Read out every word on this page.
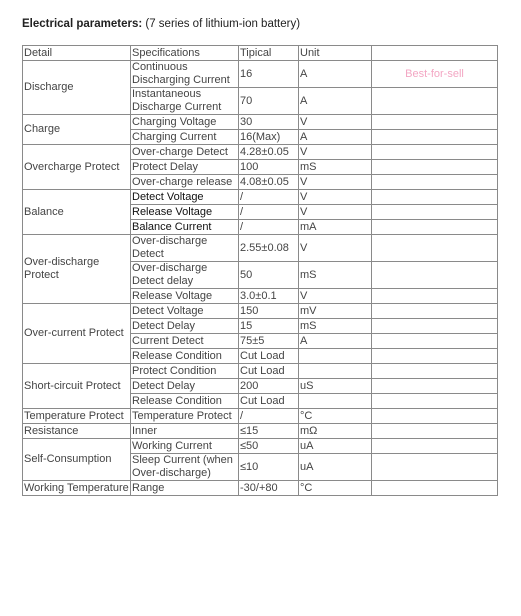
Electrical parameters: (7 series of lithium-ion battery)
Detail	Specifications	Tipical	Unit	
Discharge	Continuous Discharging Current	16	A	Best-for-sell
	Instantaneous Discharge Current	70	A	
Charge	Charging Voltage	30	V	
	Charging Current	16(Max)	A	
Overcharge Protect	Over-charge Detect	4.28±0.05	V	
	Protect Delay	100	mS	
	Over-charge release	4.08±0.05	V	
Balance	Detect Voltage	/	V	
	Release Voltage	/	V	
	Balance Current	/	mA	
Over-discharge Protect	Over-discharge Detect	2.55±0.08	V	
	Over-discharge Detect delay	50	mS	
	Release Voltage	3.0±0.1	V	
Over-current Protect	Detect Voltage	150	mV	
	Detect Delay	15	mS	
	Current Detect	75±5	A	
	Release Condition	Cut Load		
Short-circuit Protect	Protect Condition	Cut Load		
	Detect Delay	200	uS	
	Release Condition	Cut Load		
Temperature Protect	Temperature Protect	/	°C	
Resistance	Inner	≤15	mΩ	
Self-Consumption	Working Current	≤50	uA	
	Sleep Current (when Over-discharge)	≤10	uA	
Working Temperature	Range	-30/+80	°C	
